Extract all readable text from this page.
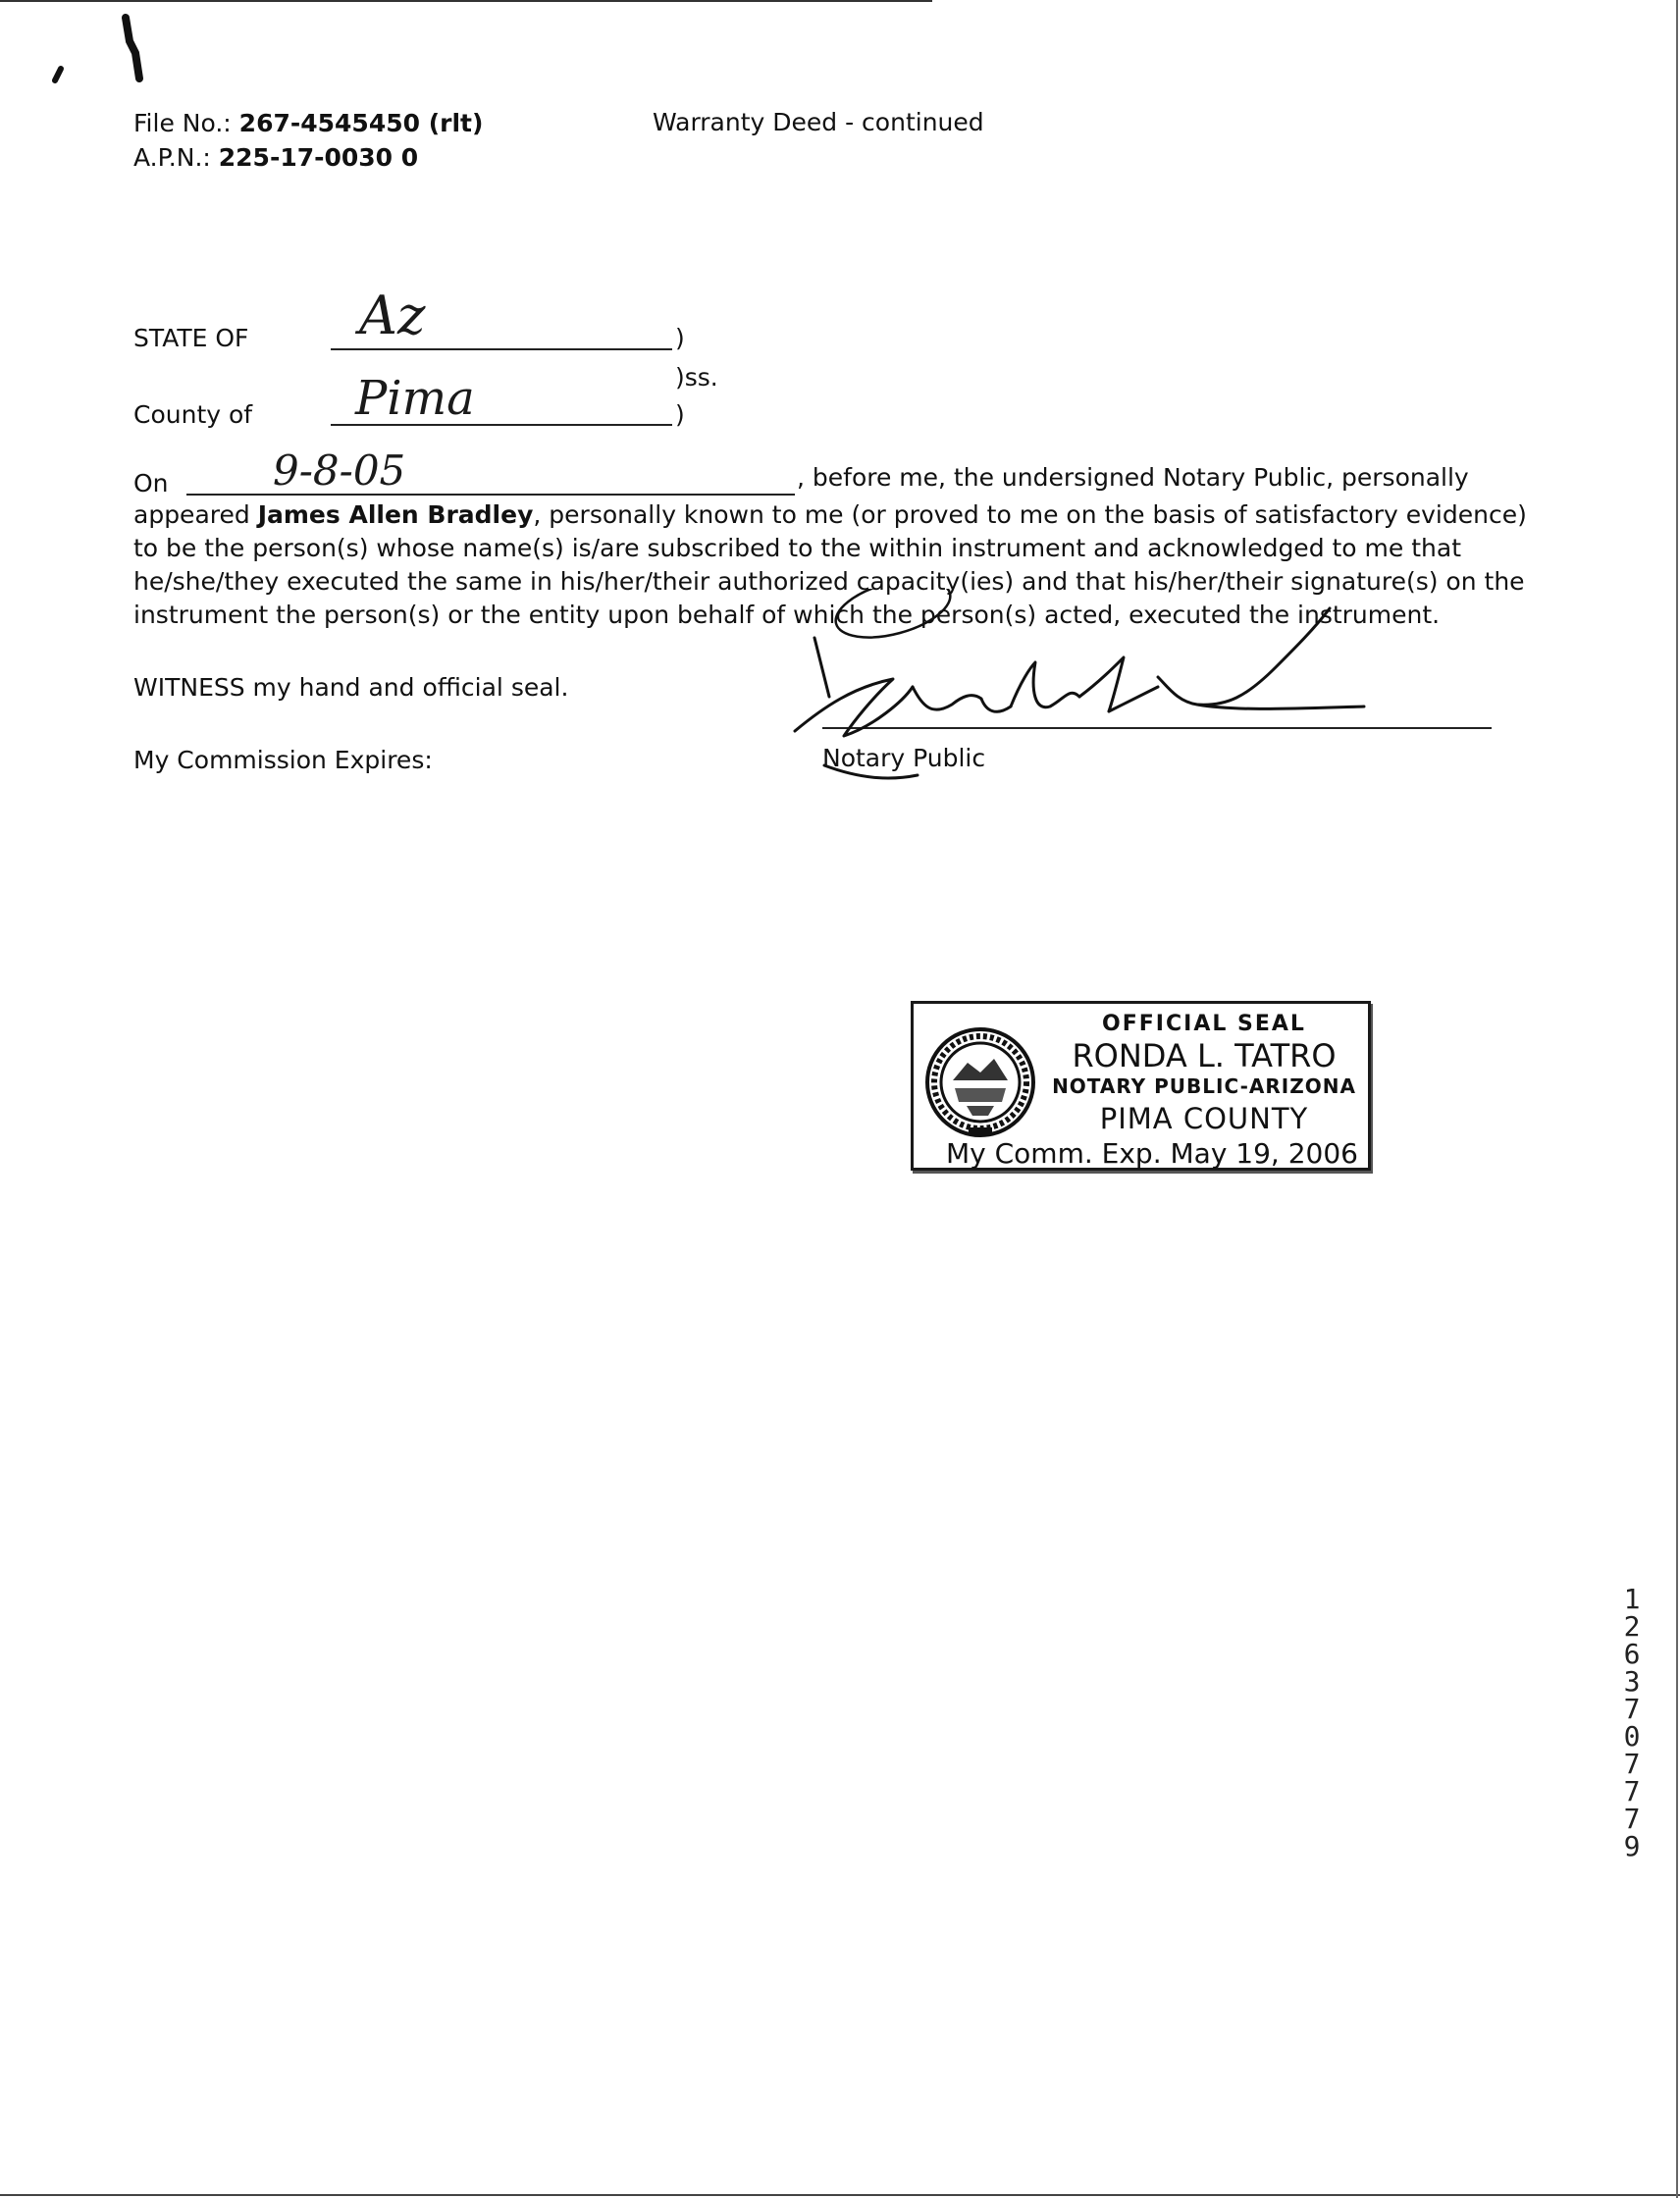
File No.: 267-4545450 (rlt)
A.P.N.: 225-17-0030 0
Warranty Deed - continued
STATE OF Az	)
)ss.
County of Pima	)
On	9-8-05	, before me, the undersigned Notary Public, personally
appeared James Allen Bradley, personally known to me (or proved to me on the basis of satisfactory evidence)
to be the person(s) whose name(s) is/are subscribed to the within instrument and acknowledged to me that
he/she/they executed the same in his/her/their authorized capacity(ies) and that his/her/their signature(s) on the
instrument the person(s) or the entity upon behalf of which the person(s) acted, executed the instrument.
WITNESS my hand and official seal.
My Commission Expires:	Notary Public
OFFICIAL SEAL
RONDA L. TATRO
NOTARY PUBLIC-ARIZONA
PIMA COUNTY
My Comm. Exp. May 19, 2006
12637 07779
